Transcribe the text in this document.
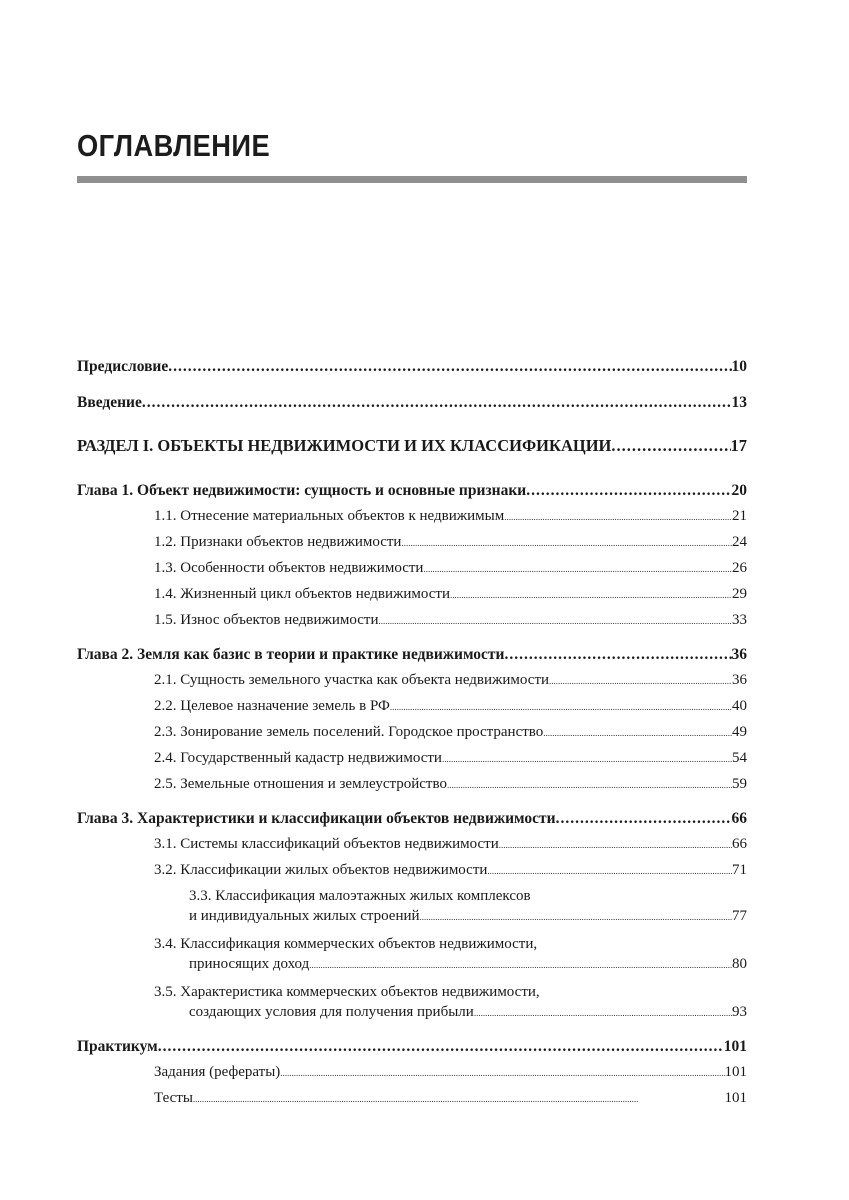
ОГЛАВЛЕНИЕ
Предисловие .....	10
Введение .....	13
РАЗДЕЛ I. ОБЪЕКТЫ НЕДВИЖИМОСТИ И ИХ КЛАССИФИКАЦИИ .....	17
Глава 1. Объект недвижимости: сущность и основные признаки .....	20
1.1. Отнесение материальных объектов к недвижимым .....	21
1.2. Признаки объектов недвижимости .....	24
1.3. Особенности объектов недвижимости .....	26
1.4. Жизненный цикл объектов недвижимости .....	29
1.5. Износ объектов недвижимости .....	33
Глава 2. Земля как базис в теории и практике недвижимости .....	36
2.1. Сущность земельного участка как объекта недвижимости .....	36
2.2. Целевое назначение земель в РФ .....	40
2.3. Зонирование земель поселений. Городское пространство .....	49
2.4. Государственный кадастр недвижимости .....	54
2.5. Земельные отношения и землеустройство .....	59
Глава 3. Характеристики и классификации объектов недвижимости .....	66
3.1. Системы классификаций объектов недвижимости .....	66
3.2. Классификации жилых объектов недвижимости .....	71
3.3. Классификация малоэтажных жилых комплексов
и индивидуальных жилых строений .....	77
3.4. Классификация коммерческих объектов недвижимости,
приносящих доход .....	80
3.5. Характеристика коммерческих объектов недвижимости,
создающих условия для получения прибыли .....	93
Практикум .....	101
Задания (рефераты) .....	101
Тесты .....	101
